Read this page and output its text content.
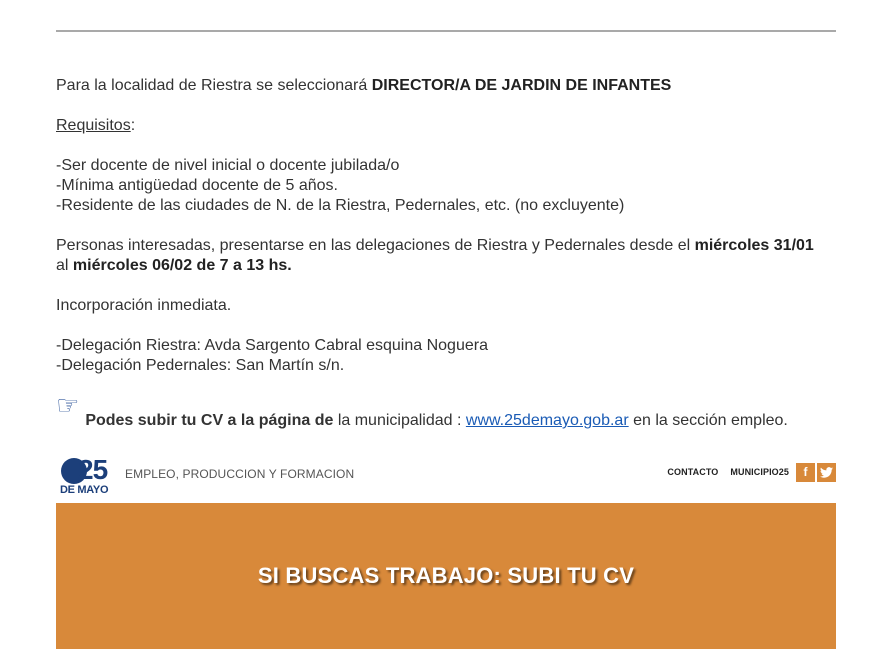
Para la localidad de Riestra se seleccionará DIRECTOR/A DE JARDIN DE INFANTES

Requisitos:

-Ser docente de nivel inicial o docente jubilada/o

-Mínima antigüedad docente de 5 años.

-Residente de las ciudades de N. de la Riestra, Pedernales, etc. (no excluyente)

Personas interesadas, presentarse en las delegaciones de Riestra y Pedernales desde el miércoles 31/01
al miércoles 06/02 de 7 a 13 hs.

Incorporación inmediata.

-Delegación Riestra: Avda Sargento Cabral esquina Noguera

-Delegación Pedernales: San Martín s/n.

☞ Podes subir tu CV a la página de la municipalidad : www.25demayo.gob.ar en la sección empleo.
25
DE MAYO
EMPLEO, PRODUCCION Y FORMACION	CONTACTO MUNICIPIO25	f
SI BUSCAS TRABAJO: SUBI TU CV
